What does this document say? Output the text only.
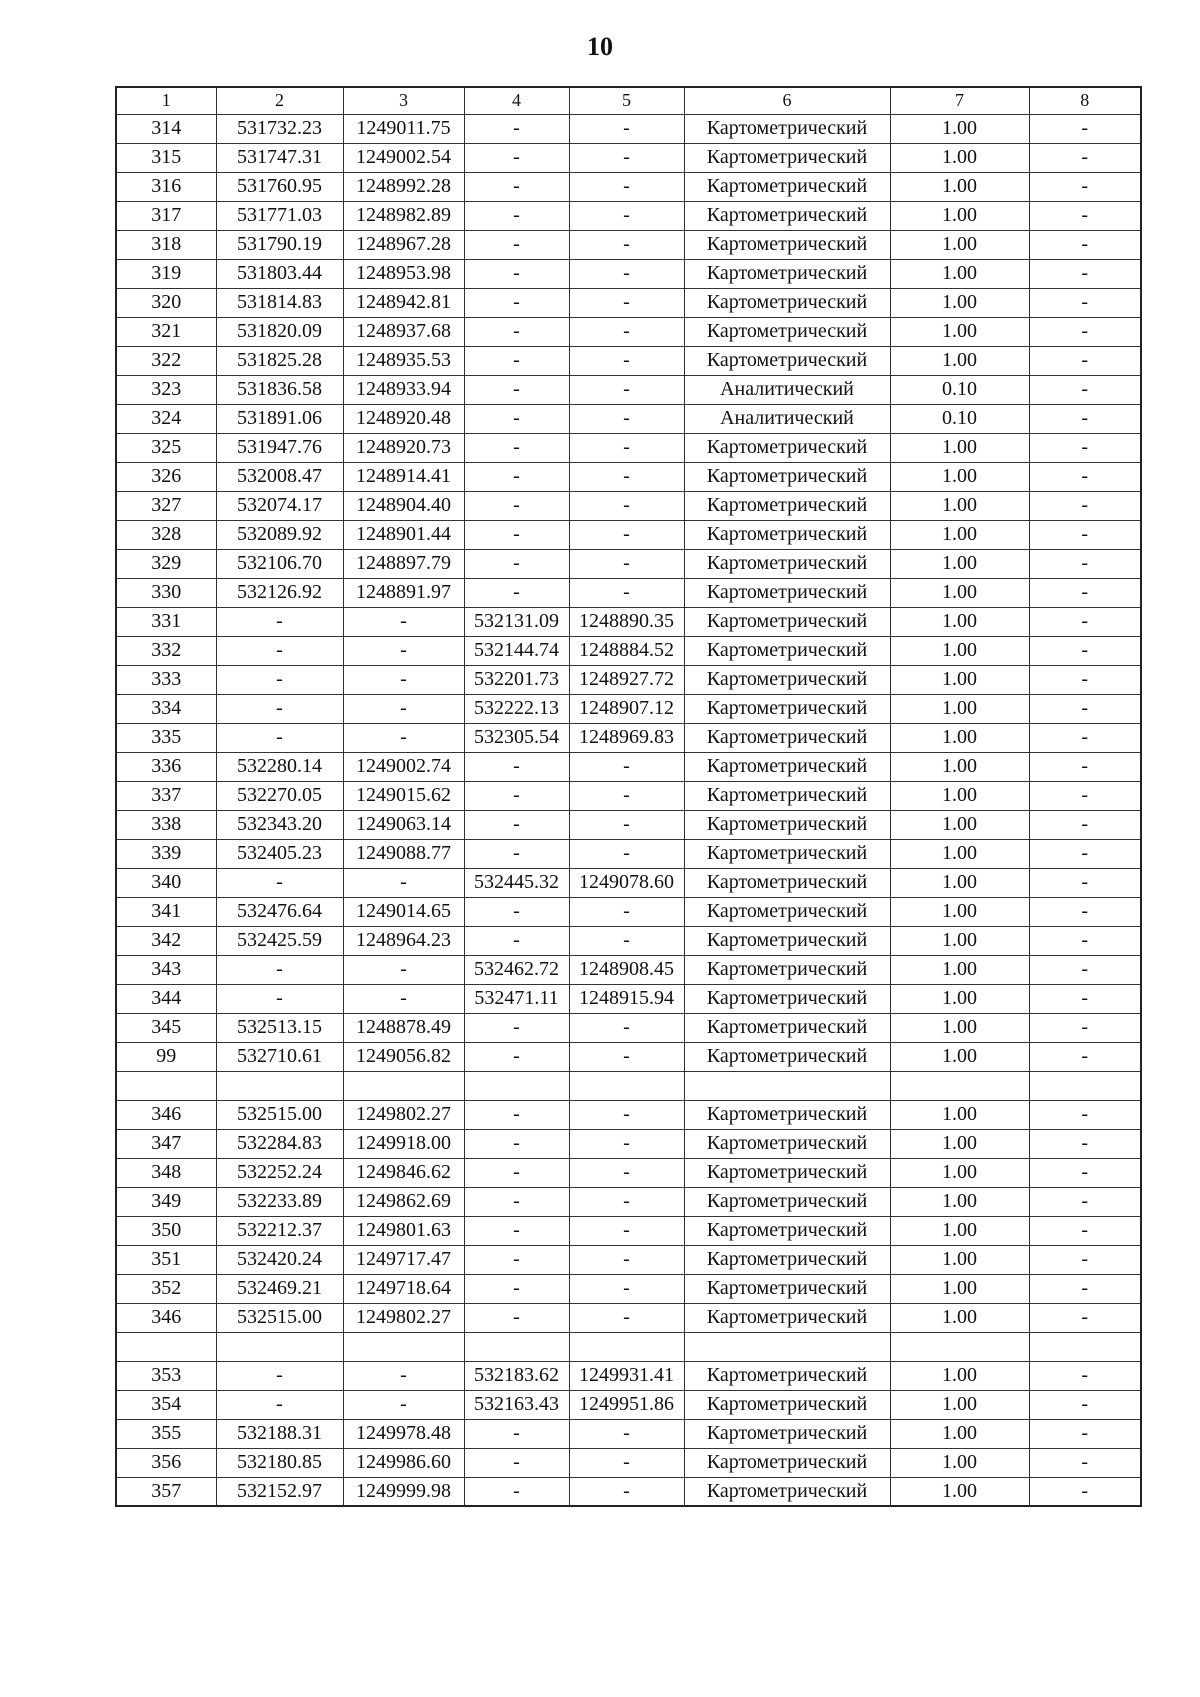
10
1	2	3	4	5	6	7	8
314	531732.23	1249011.75	-	-	Картометрический	1.00	-
315	531747.31	1249002.54	-	-	Картометрический	1.00	-
316	531760.95	1248992.28	-	-	Картометрический	1.00	-
317	531771.03	1248982.89	-	-	Картометрический	1.00	-
318	531790.19	1248967.28	-	-	Картометрический	1.00	-
319	531803.44	1248953.98	-	-	Картометрический	1.00	-
320	531814.83	1248942.81	-	-	Картометрический	1.00	-
321	531820.09	1248937.68	-	-	Картометрический	1.00	-
322	531825.28	1248935.53	-	-	Картометрический	1.00	-
323	531836.58	1248933.94	-	-	Аналитический	0.10	-
324	531891.06	1248920.48	-	-	Аналитический	0.10	-
325	531947.76	1248920.73	-	-	Картометрический	1.00	-
326	532008.47	1248914.41	-	-	Картометрический	1.00	-
327	532074.17	1248904.40	-	-	Картометрический	1.00	-
328	532089.92	1248901.44	-	-	Картометрический	1.00	-
329	532106.70	1248897.79	-	-	Картометрический	1.00	-
330	532126.92	1248891.97	-	-	Картометрический	1.00	-
331	-	-	532131.09	1248890.35	Картометрический	1.00	-
332	-	-	532144.74	1248884.52	Картометрический	1.00	-
333	-	-	532201.73	1248927.72	Картометрический	1.00	-
334	-	-	532222.13	1248907.12	Картометрический	1.00	-
335	-	-	532305.54	1248969.83	Картометрический	1.00	-
336	532280.14	1249002.74	-	-	Картометрический	1.00	-
337	532270.05	1249015.62	-	-	Картометрический	1.00	-
338	532343.20	1249063.14	-	-	Картометрический	1.00	-
339	532405.23	1249088.77	-	-	Картометрический	1.00	-
340	-	-	532445.32	1249078.60	Картометрический	1.00	-
341	532476.64	1249014.65	-	-	Картометрический	1.00	-
342	532425.59	1248964.23	-	-	Картометрический	1.00	-
343	-	-	532462.72	1248908.45	Картометрический	1.00	-
344	-	-	532471.11	1248915.94	Картометрический	1.00	-
345	532513.15	1248878.49	-	-	Картометрический	1.00	-
99	532710.61	1249056.82	-	-	Картометрический	1.00	-

346	532515.00	1249802.27	-	-	Картометрический	1.00	-
347	532284.83	1249918.00	-	-	Картометрический	1.00	-
348	532252.24	1249846.62	-	-	Картометрический	1.00	-
349	532233.89	1249862.69	-	-	Картометрический	1.00	-
350	532212.37	1249801.63	-	-	Картометрический	1.00	-
351	532420.24	1249717.47	-	-	Картометрический	1.00	-
352	532469.21	1249718.64	-	-	Картометрический	1.00	-
346	532515.00	1249802.27	-	-	Картометрический	1.00	-

353	-	-	532183.62	1249931.41	Картометрический	1.00	-
354	-	-	532163.43	1249951.86	Картометрический	1.00	-
355	532188.31	1249978.48	-	-	Картометрический	1.00	-
356	532180.85	1249986.60	-	-	Картометрический	1.00	-
357	532152.97	1249999.98	-	-	Картометрический	1.00	-
